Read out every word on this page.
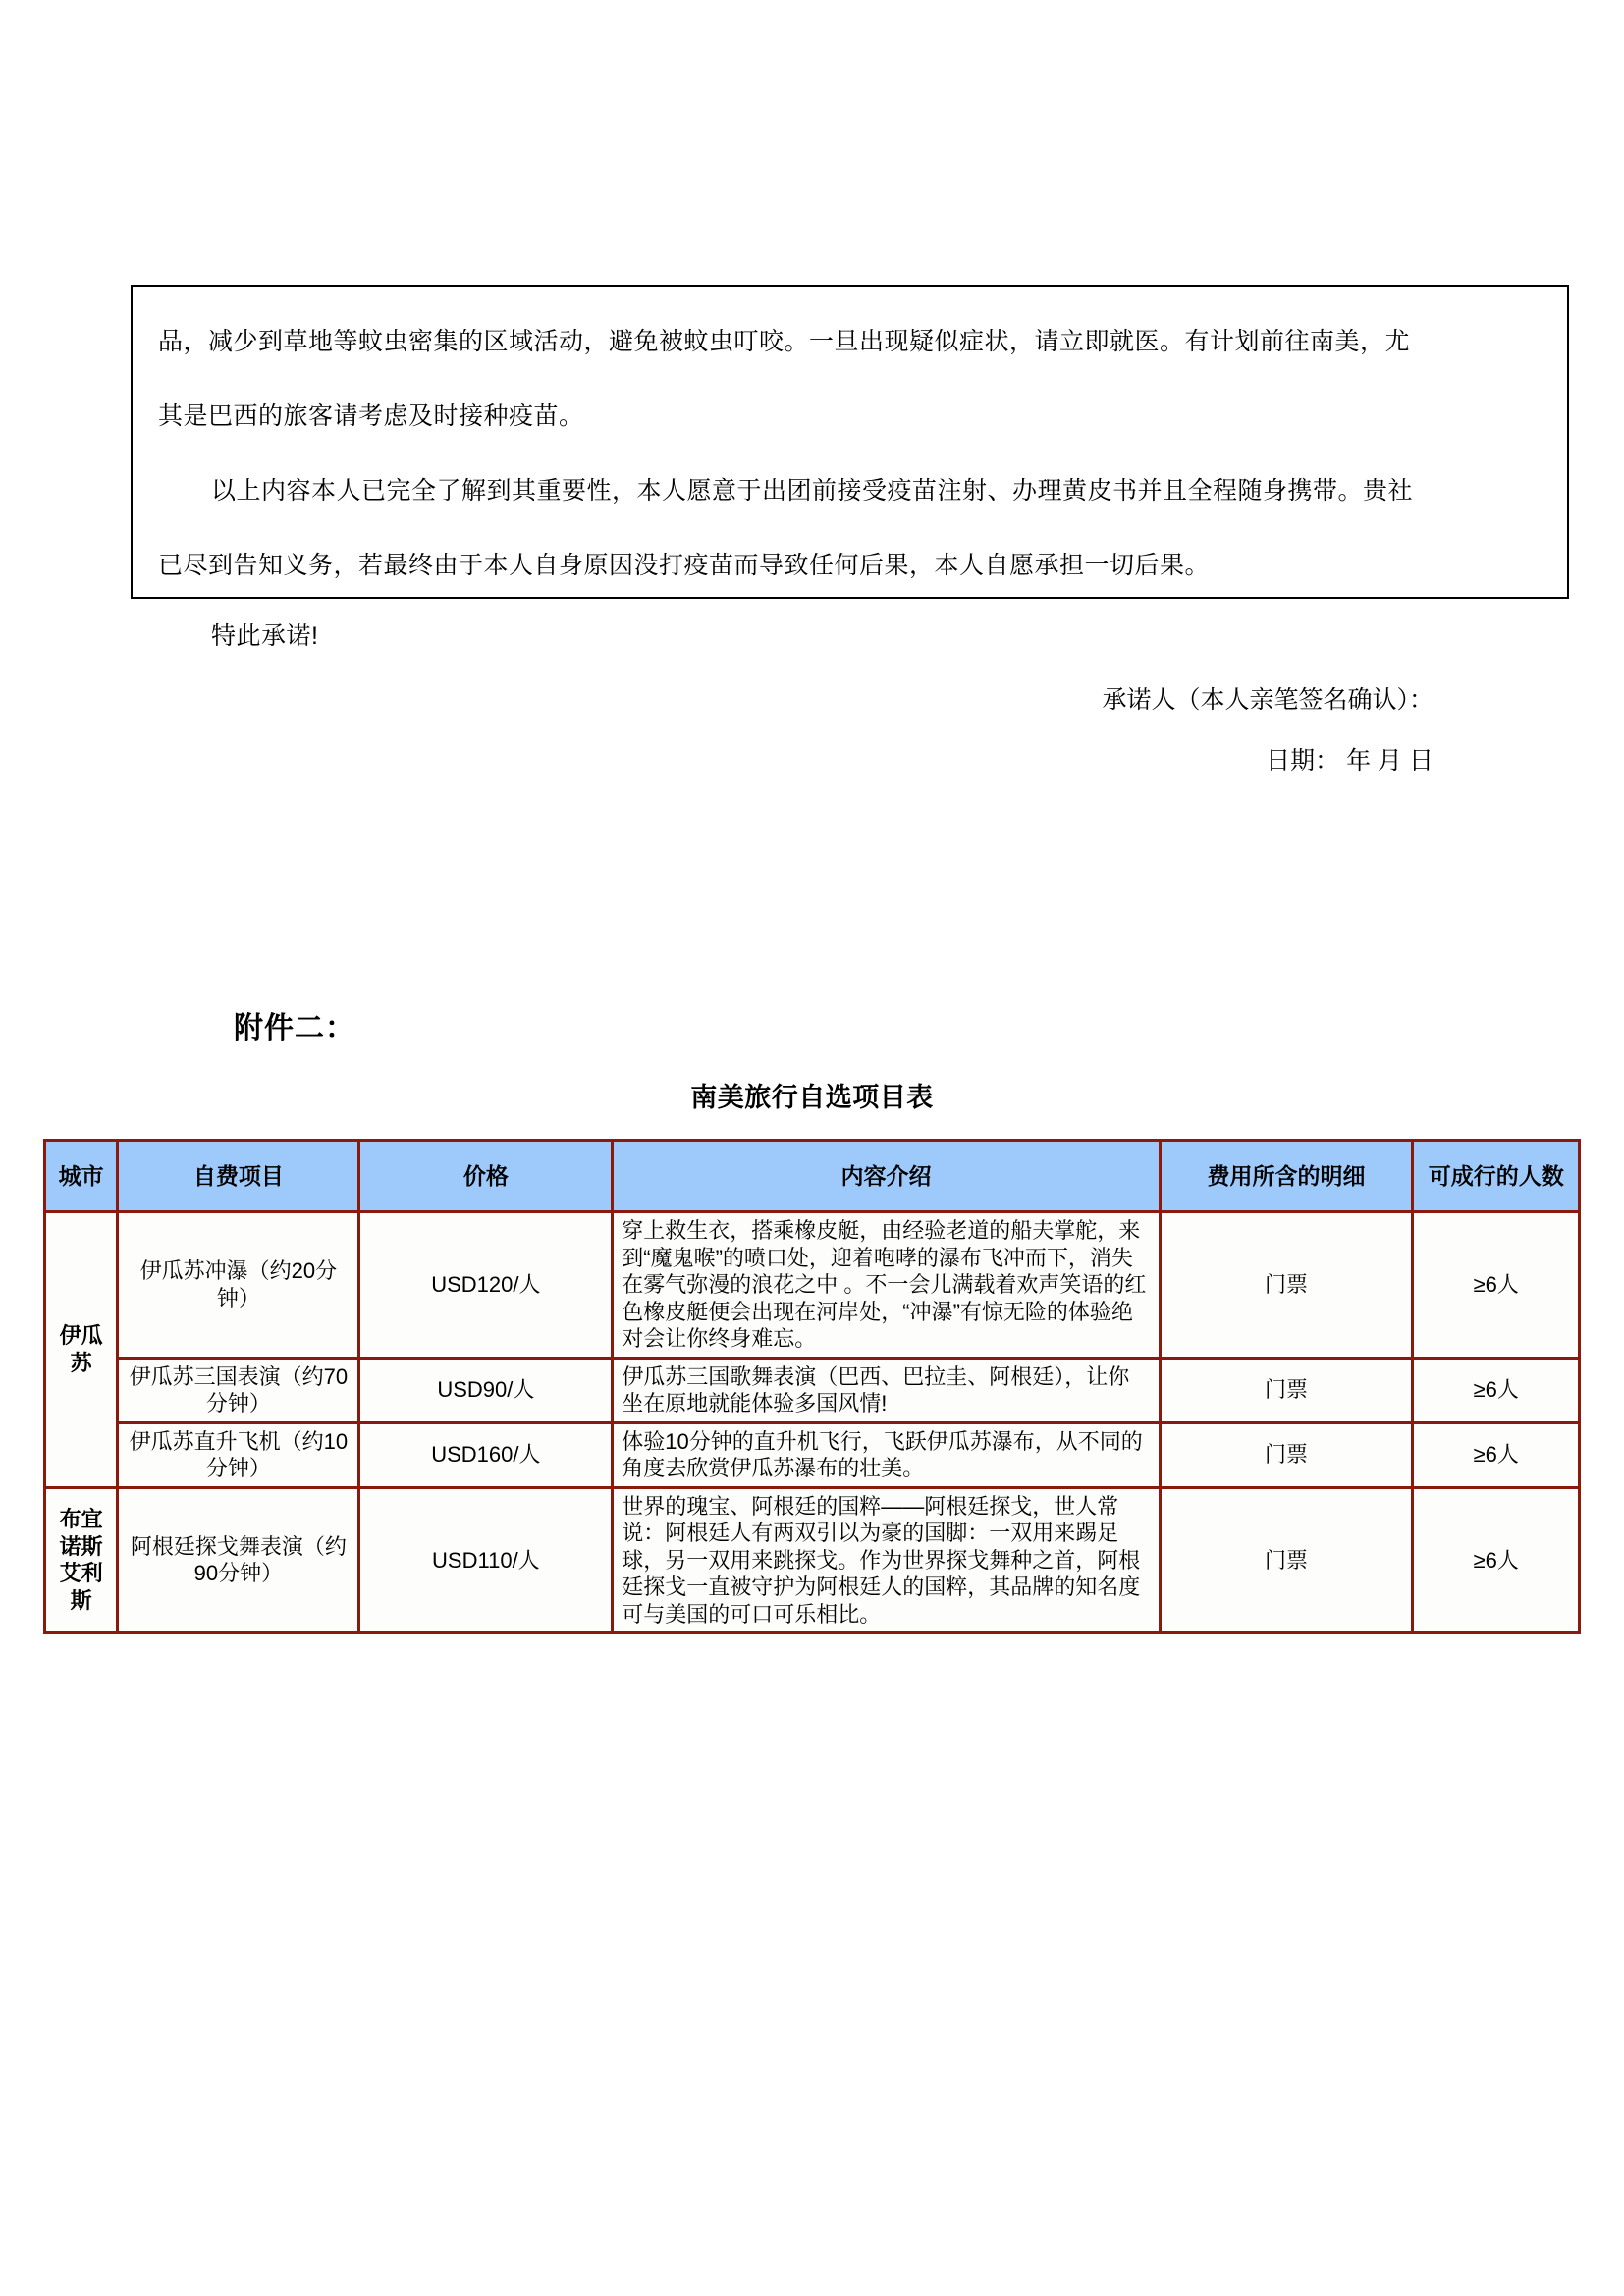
品，减少到草地等蚊虫密集的区域活动，避免被蚊虫叮咬。一旦出现疑似症状，请立即就医。有计划前往南美，尤
其是巴西的旅客请考虑及时接种疫苗。
以上内容本人已完全了解到其重要性，本人愿意于出团前接受疫苗注射、办理黄皮书并且全程随身携带。贵社
已尽到告知义务，若最终由于本人自身原因没打疫苗而导致任何后果，本人自愿承担一切后果。
特此承诺!
承诺人（本人亲笔签名确认）：
日期： 年 月 日
附件二：
南美旅行自选项目表
城市	自费项目	价格	内容介绍	费用所含的明细	可成行的人数
伊瓜苏	伊瓜苏冲瀑（约20分钟）	USD120/人	穿上救生衣，搭乘橡皮艇，由经验老道的船夫掌舵，来到“魔鬼喉”的喷口处，迎着咆哮的瀑布飞冲而下，消失在雾气弥漫的浪花之中 。不一会儿满载着欢声笑语的红色橡皮艇便会出现在河岸处，“冲瀑”有惊无险的体验绝对会让你终身难忘。	门票	≥6人
	伊瓜苏三国表演（约70分钟）	USD90/人	伊瓜苏三国歌舞表演（巴西、巴拉圭、阿根廷），让你坐在原地就能体验多国风情!	门票	≥6人
	伊瓜苏直升飞机（约10分钟）	USD160/人	体验10分钟的直升机飞行，飞跃伊瓜苏瀑布，从不同的角度去欣赏伊瓜苏瀑布的壮美。	门票	≥6人
布宜诺斯艾利斯	阿根廷探戈舞表演（约90分钟）	USD110/人	世界的瑰宝、阿根廷的国粹——阿根廷探戈，世人常说：阿根廷人有两双引以为豪的国脚：一双用来踢足球，另一双用来跳探戈。作为世界探戈舞种之首，阿根廷探戈一直被守护为阿根廷人的国粹，其品牌的知名度可与美国的可口可乐相比。	门票	≥6人
